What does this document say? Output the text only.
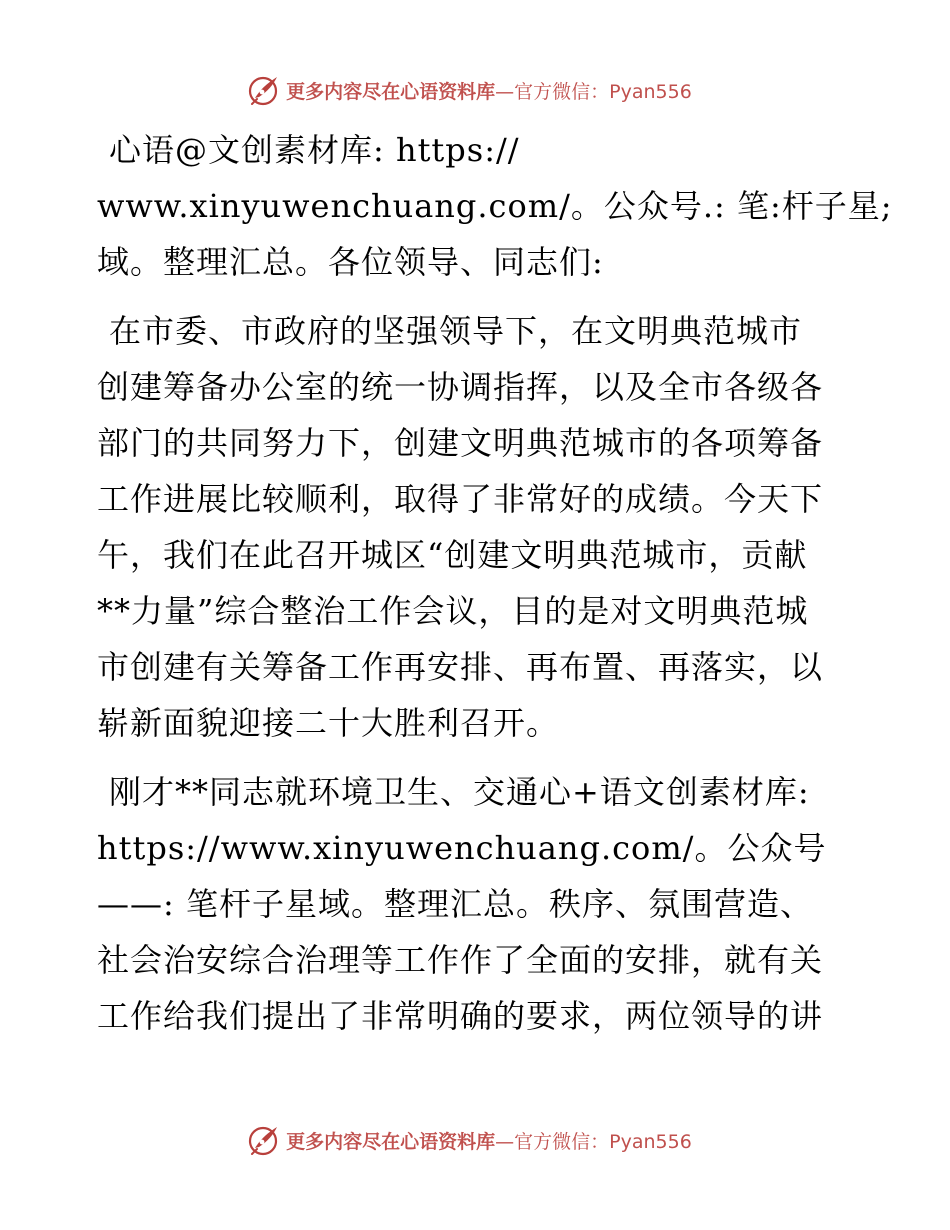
更多内容尽在心语资料库—官方微信：Pyan556
心语@文创素材库: https://
www.xinyuwenchuang.com/。公众号.: 笔:杆子星;
域。整理汇总。各位领导、同志们:
在市委、市政府的坚强领导下，在文明典范城市
创建筹备办公室的统一协调指挥，以及全市各级各
部门的共同努力下，创建文明典范城市的各项筹备
工作进展比较顺利，取得了非常好的成绩。今天下
午，我们在此召开城区“创建文明典范城市，贡献
**力量”综合整治工作会议，目的是对文明典范城
市创建有关筹备工作再安排、再布置、再落实，以
崭新面貌迎接二十大胜利召开。
刚才**同志就环境卫生、交通心+语文创素材库:
https://www.xinyuwenchuang.com/。公众号
——: 笔杆子星域。整理汇总。秩序、氛围营造、
社会治安综合治理等工作作了全面的安排，就有关
工作给我们提出了非常明确的要求，两位领导的讲
更多内容尽在心语资料库—官方微信：Pyan556
